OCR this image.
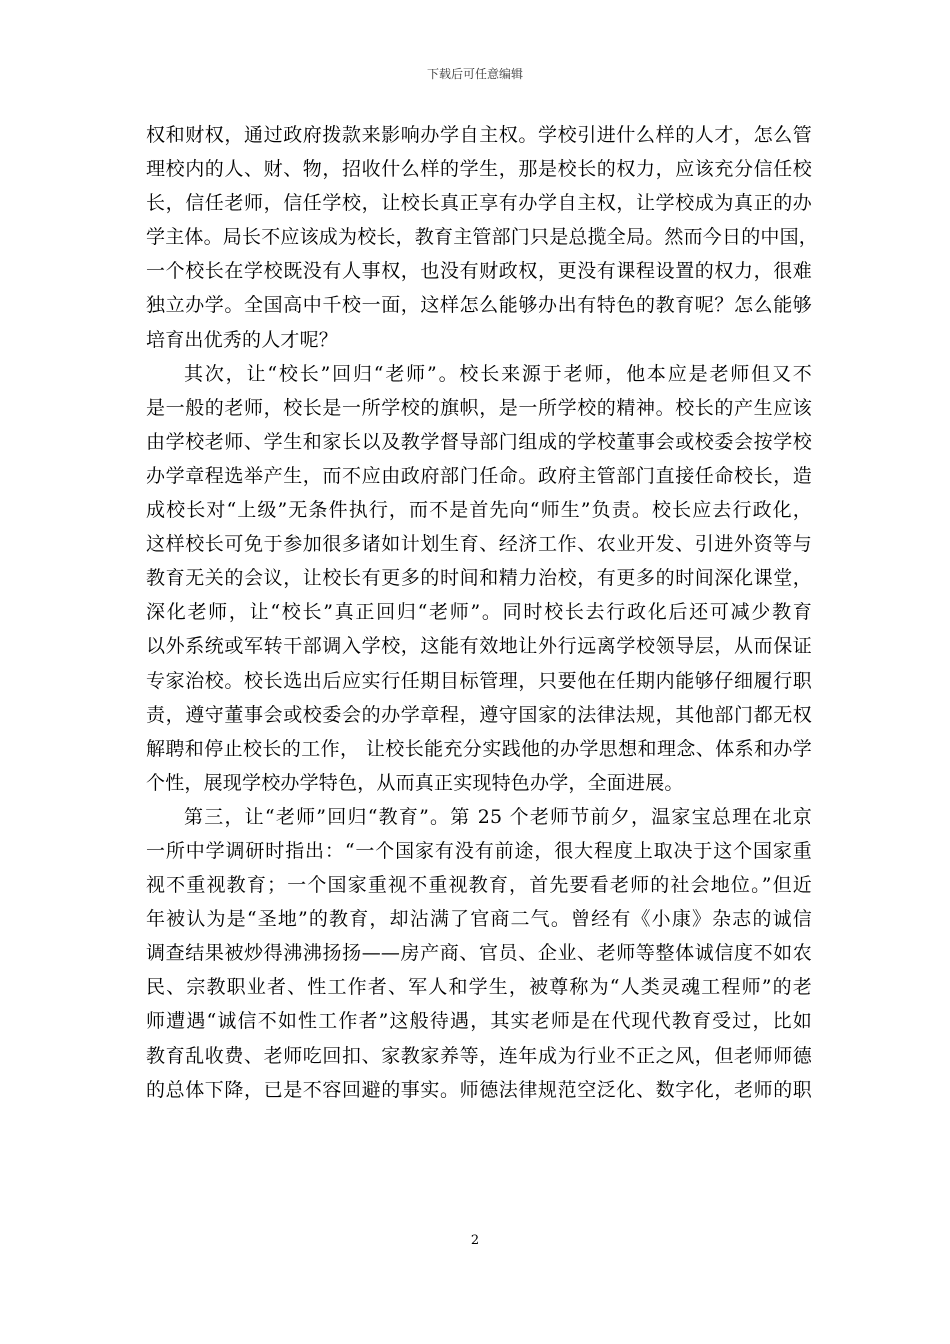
下载后可任意编辑
权和财权，通过政府拨款来影响办学自主权。学校引进什么样的人才，怎么管
理校内的人、财、物，招收什么样的学生，那是校长的权力，应该充分信任校
长，信任老师，信任学校，让校长真正享有办学自主权，让学校成为真正的办
学主体。局长不应该成为校长，教育主管部门只是总揽全局。然而今日的中国，
一个校长在学校既没有人事权，也没有财政权，更没有课程设置的权力，很难
独立办学。全国高中千校一面，这样怎么能够办出有特色的教育呢？怎么能够
培育出优秀的人才呢？
其次，让“校长”回归“老师”。校长来源于老师，他本应是老师但又不
是一般的老师，校长是一所学校的旗帜，是一所学校的精神。校长的产生应该
由学校老师、学生和家长以及教学督导部门组成的学校董事会或校委会按学校
办学章程选举产生，而不应由政府部门任命。政府主管部门直接任命校长，造
成校长对“上级”无条件执行，而不是首先向“师生”负责。校长应去行政化，
这样校长可免于参加很多诸如计划生育、经济工作、农业开发、引进外资等与
教育无关的会议，让校长有更多的时间和精力治校，有更多的时间深化课堂，
深化老师，让“校长”真正回归“老师”。同时校长去行政化后还可减少教育
以外系统或军转干部调入学校，这能有效地让外行远离学校领导层，从而保证
专家治校。校长选出后应实行任期目标管理，只要他在任期内能够仔细履行职
责，遵守董事会或校委会的办学章程，遵守国家的法律法规，其他部门都无权
解聘和停止校长的工作， 让校长能充分实践他的办学思想和理念、体系和办学
个性，展现学校办学特色，从而真正实现特色办学，全面进展。
第三，让“老师”回归“教育”。第 25 个老师节前夕，温家宝总理在北京
一所中学调研时指出：“一个国家有没有前途，很大程度上取决于这个国家重
视不重视教育；一个国家重视不重视教育，首先要看老师的社会地位。”但近
年被认为是“圣地”的教育，却沾满了官商二气。曾经有《小康》杂志的诚信
调查结果被炒得沸沸扬扬——房产商、官员、企业、老师等整体诚信度不如农
民、宗教职业者、性工作者、军人和学生，被尊称为“人类灵魂工程师”的老
师遭遇“诚信不如性工作者”这般待遇，其实老师是在代现代教育受过，比如
教育乱收费、老师吃回扣、家教家养等，连年成为行业不正之风，但老师师德
的总体下降，已是不容回避的事实。师德法律规范空泛化、数字化，老师的职
2
